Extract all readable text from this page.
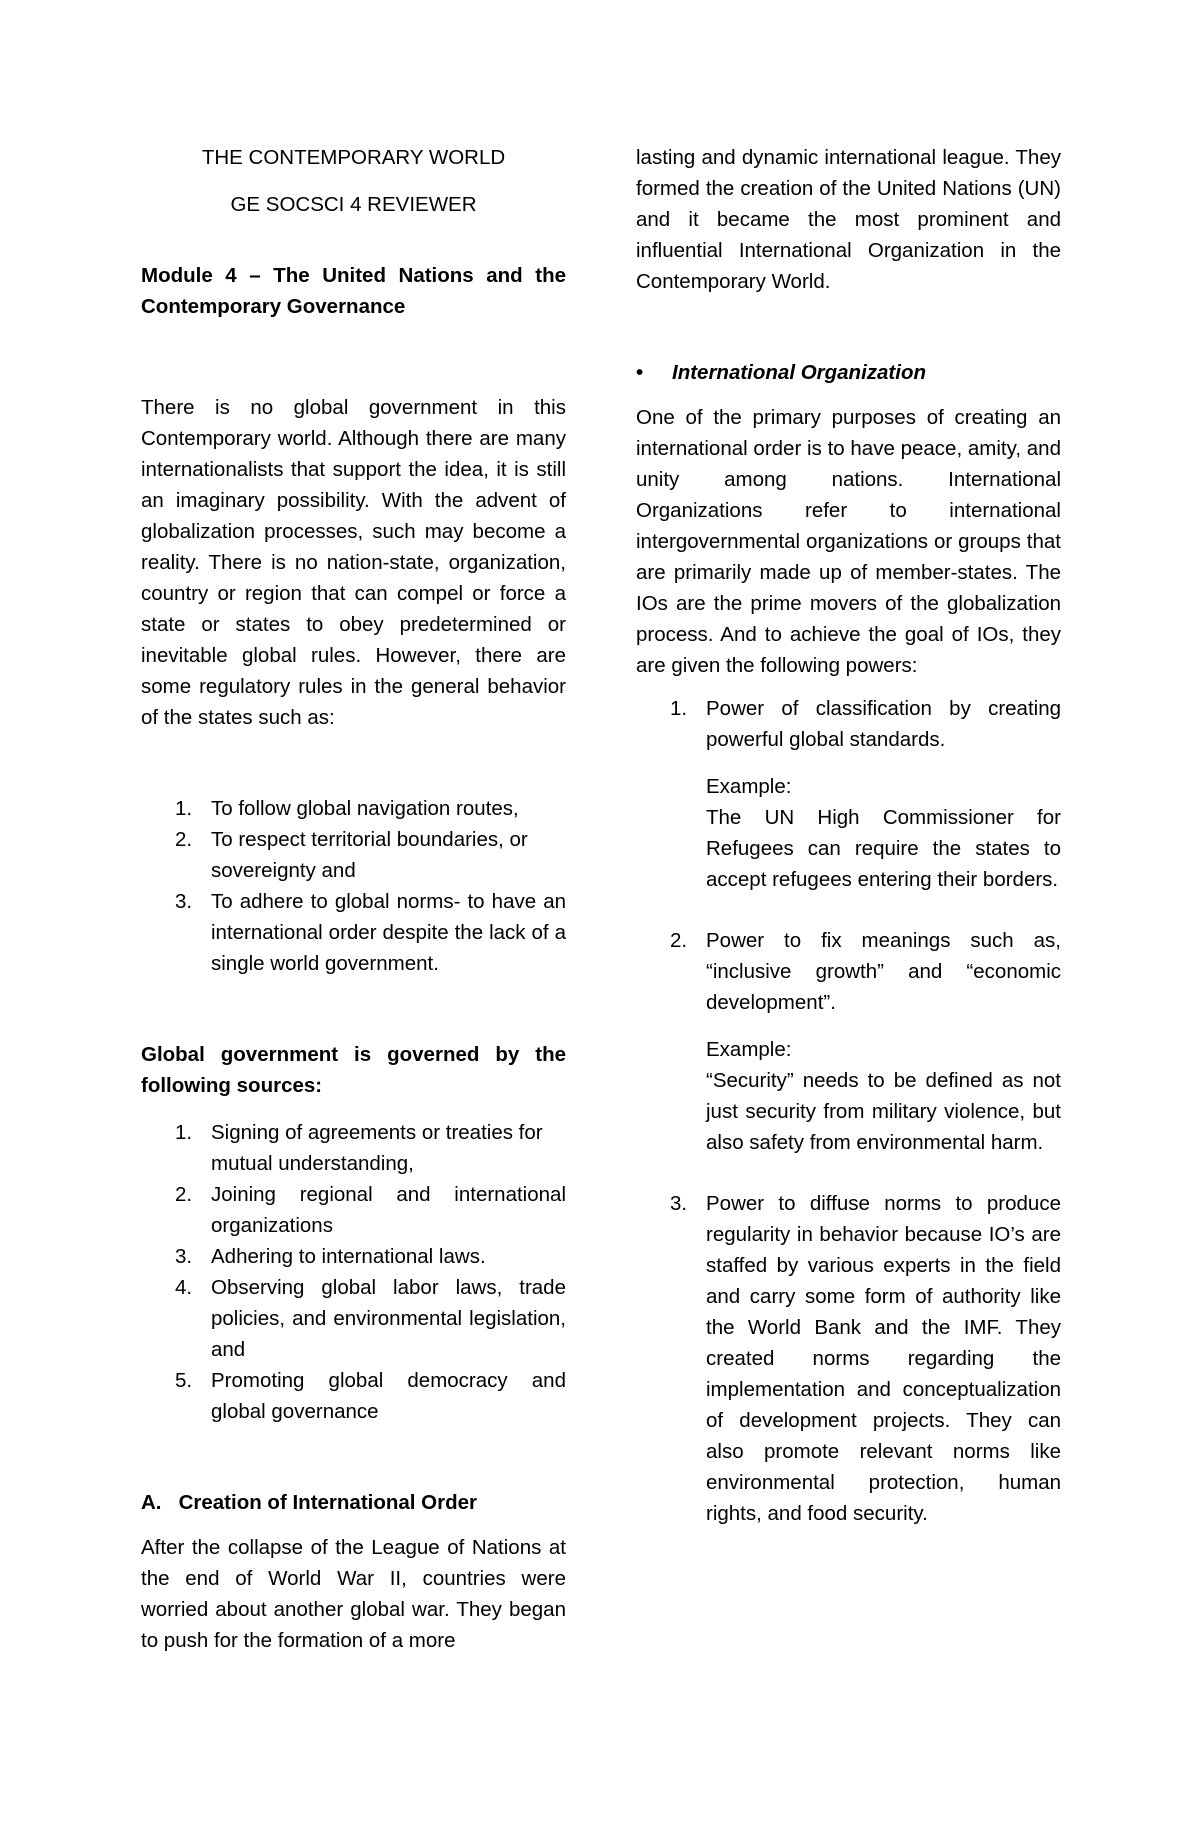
THE CONTEMPORARY WORLD

GE SOCSCI 4 REVIEWER

Module 4 – The United Nations and the Contemporary Governance

There is no global government in this Contemporary world. Although there are many internationalists that support the idea, it is still an imaginary possibility. With the advent of globalization processes, such may become a reality. There is no nation-state, organization, country or region that can compel or force a state or states to obey predetermined or inevitable global rules. However, there are some regulatory rules in the general behavior of the states such as:

1. To follow global navigation routes,
2. To respect territorial boundaries, or sovereignty and
3. To adhere to global norms- to have an international order despite the lack of a single world government.

Global government is governed by the following sources:

1. Signing of agreements or treaties for mutual understanding,
2. Joining regional and international organizations
3. Adhering to international laws.
4. Observing global labor laws, trade policies, and environmental legislation, and
5. Promoting global democracy and global governance

A.   Creation of International Order

After the collapse of the League of Nations at the end of World War II, countries were worried about another global war. They began to push for the formation of a more

lasting and dynamic international league. They formed the creation of the United Nations (UN) and it became the most prominent and influential International Organization in the Contemporary World.

• International Organization

One of the primary purposes of creating an international order is to have peace, amity, and unity among nations. International Organizations refer to international intergovernmental organizations or groups that are primarily made up of member-states. The IOs are the prime movers of the globalization process. And to achieve the goal of IOs, they are given the following powers:

1. Power of classification by creating powerful global standards.

Example:

The UN High Commissioner for Refugees can require the states to accept refugees entering their borders.

2. Power to fix meanings such as, “inclusive growth” and “economic development”.

Example:

“Security” needs to be defined as not just security from military violence, but also safety from environmental harm.

3. Power to diffuse norms to produce regularity in behavior because IO’s are staffed by various experts in the field and carry some form of authority like the World Bank and the IMF. They created norms regarding the implementation and conceptualization of development projects. They can also promote relevant norms like environmental protection, human rights, and food security.
